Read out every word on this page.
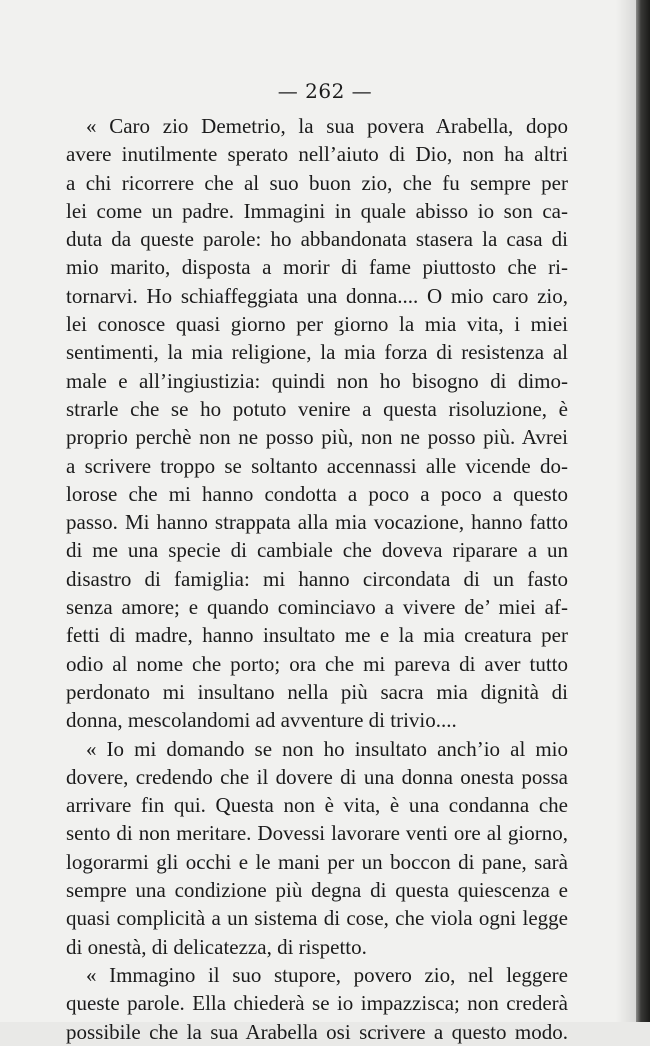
— 262 —
« Caro zio Demetrio, la sua povera Arabella, dopo
avere inutilmente sperato nell’aiuto di Dio, non ha altri
a chi ricorrere che al suo buon zio, che fu sempre per
lei come un padre. Immagini in quale abisso io son ca-
duta da queste parole: ho abbandonata stasera la casa di
mio marito, disposta a morir di fame piuttosto che ri-
tornarvi. Ho schiaffeggiata una donna.... O mio caro zio,
lei conosce quasi giorno per giorno la mia vita, i miei
sentimenti, la mia religione, la mia forza di resistenza al
male e all’ingiustizia: quindi non ho bisogno di dimo-
strarle che se ho potuto venire a questa risoluzione, è
proprio perchè non ne posso più, non ne posso più. Avrei
a scrivere troppo se soltanto accennassi alle vicende do-
lorose che mi hanno condotta a poco a poco a questo
passo. Mi hanno strappata alla mia vocazione, hanno fatto
di me una specie di cambiale che doveva riparare a un
disastro di famiglia: mi hanno circondata di un fasto
senza amore; e quando cominciavo a vivere de’ miei af-
fetti di madre, hanno insultato me e la mia creatura per
odio al nome che porto; ora che mi pareva di aver tutto
perdonato mi insultano nella più sacra mia dignità di
donna, mescolandomi ad avventure di trivio....
« Io mi domando se non ho insultato anch’io al mio
dovere, credendo che il dovere di una donna onesta possa
arrivare fin qui. Questa non è vita, è una condanna che
sento di non meritare. Dovessi lavorare venti ore al giorno,
logorarmi gli occhi e le mani per un boccon di pane, sarà
sempre una condizione più degna di questa quiescenza e
quasi complicità a un sistema di cose, che viola ogni legge
di onestà, di delicatezza, di rispetto.
« Immagino il suo stupore, povero zio, nel leggere
queste parole. Ella chiederà se io impazzisca; non crederà
possibile che la sua Arabella osi scrivere a questo modo.
